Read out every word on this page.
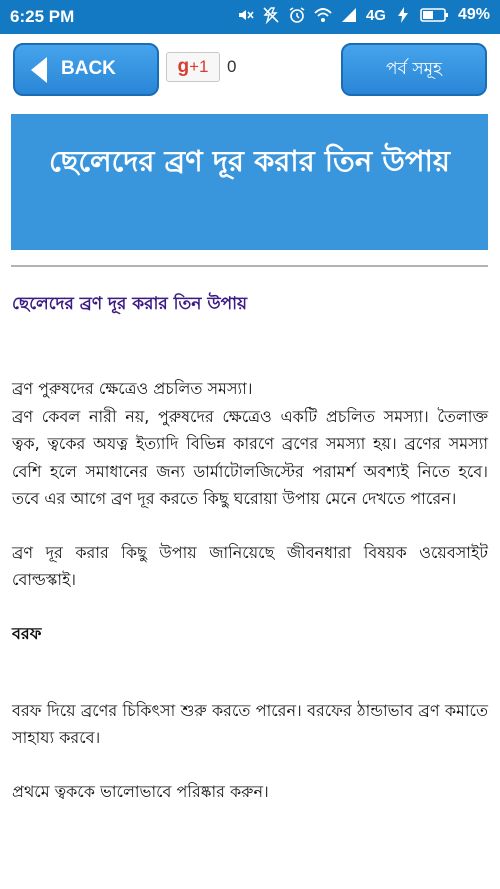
6:25 PM	4G	49%
BACK	g+1	0	পর্ব সমূহ
ছেলেদের ব্রণ দূর করার তিন উপায়
ছেলেদের ব্রণ দূর করার তিন উপায়

ব্রণ পুরুষদের ক্ষেত্রেও প্রচলিত সমস্যা।

ব্রণ কেবল নারী নয়, পুরুষদের ক্ষেত্রেও একটি প্রচলিত সমস্যা। তৈলাক্ত ত্বক, ত্বকের অযত্ন ইত্যাদি বিভিন্ন কারণে ব্রণের সমস্যা হয়। ব্রণের সমস্যা বেশি হলে সমাধানের জন্য ডার্মাটোলজিস্টের পরামর্শ অবশ্যই নিতে হবে। তবে এর আগে ব্রণ দূর করতে কিছু ঘরোয়া উপায় মেনে দেখতে পারেন।

ব্রণ দূর করার কিছু উপায় জানিয়েছে জীবনধারা বিষয়ক ওয়েবসাইট বোল্ডস্কাই।

বরফ

বরফ দিয়ে ব্রণের চিকিৎসা শুরু করতে পারেন। বরফের ঠান্ডাভাব ব্রণ কমাতে সাহায্য করবে।

প্রথমে ত্বককে ভালোভাবে পরিষ্কার করুন।
